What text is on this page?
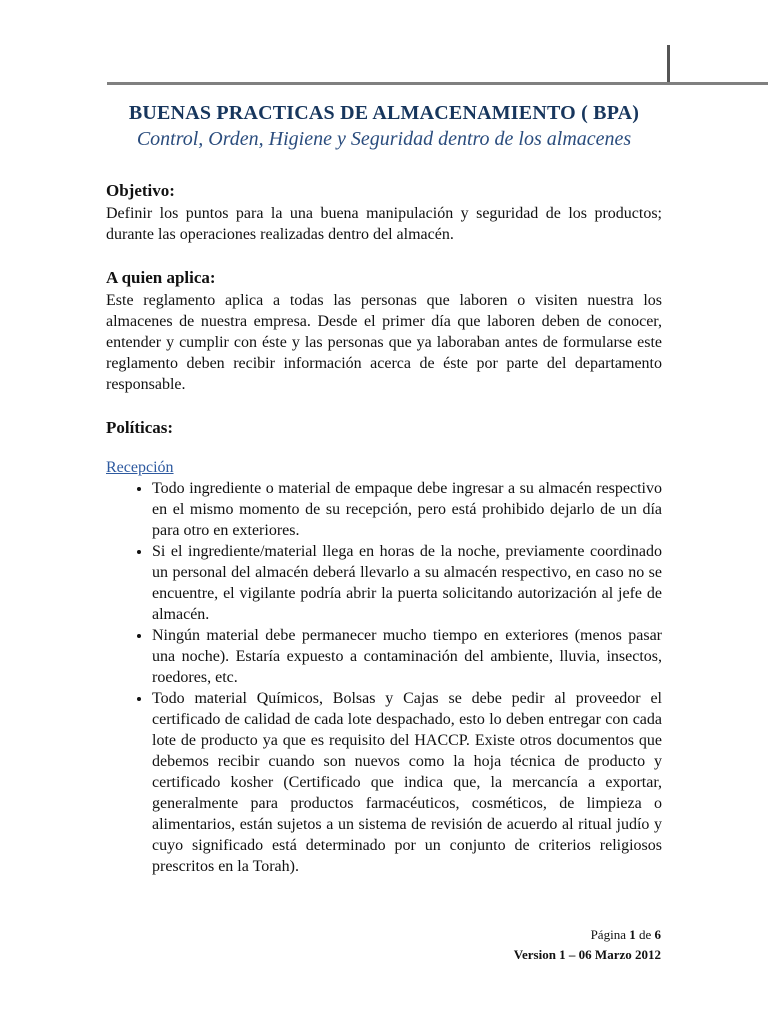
BUENAS PRACTICAS DE ALMACENAMIENTO ( BPA)
Control, Orden, Higiene y Seguridad dentro de los almacenes
Objetivo:

Definir los puntos para la una buena manipulación y seguridad de los productos; durante las operaciones realizadas dentro del almacén.

A quien aplica:

Este reglamento aplica a todas las personas que laboren o visiten nuestra los almacenes de nuestra empresa. Desde el primer día que laboren deben de conocer, entender y cumplir con éste y las personas que ya laboraban antes de formularse este reglamento deben recibir información acerca de éste por parte del departamento responsable.

Políticas:
Recepción
• Todo ingrediente o material de empaque debe ingresar a su almacén respectivo en el mismo momento de su recepción, pero está prohibido dejarlo de un día para otro en exteriores.
• Si el ingrediente/material llega en horas de la noche, previamente coordinado un personal del almacén deberá llevarlo a su almacén respectivo, en caso no se encuentre, el vigilante podría abrir la puerta solicitando autorización al jefe de almacén.
• Ningún material debe permanecer mucho tiempo en exteriores (menos pasar una noche). Estaría expuesto a contaminación del ambiente, lluvia, insectos, roedores, etc.
• Todo material Químicos, Bolsas y Cajas se debe pedir al proveedor el certificado de calidad de cada lote despachado, esto lo deben entregar con cada lote de producto ya que es requisito del HACCP. Existe otros documentos que debemos recibir cuando son nuevos como la hoja técnica de producto y certificado kosher (Certificado que indica que, la mercancía a exportar, generalmente para productos farmacéuticos, cosméticos, de limpieza o alimentarios, están sujetos a un sistema de revisión de acuerdo al ritual judío y cuyo significado está determinado por un conjunto de criterios religiosos prescritos en la Torah).
Página 1 de 6
Version 1 – 06 Marzo 2012
